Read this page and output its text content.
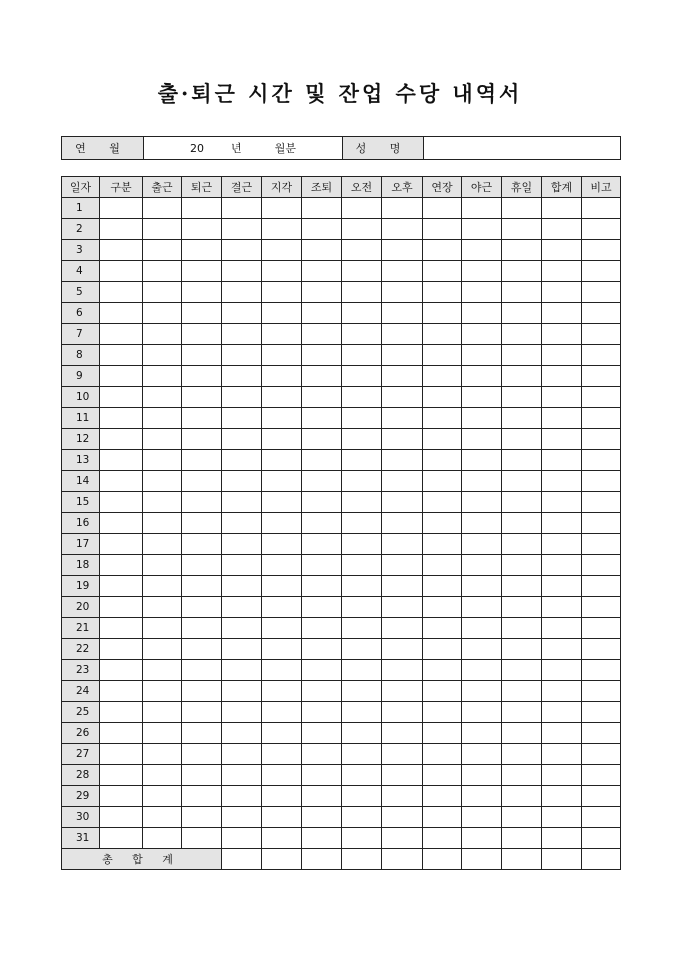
출·퇴근 시간 및 잔업 수당 내역서
연 월	20 년	월분	성 명	
일자	구분	출근	퇴근	결근	지각	조퇴	오전	오후	연장	야근	휴일	합계	비고
1													
2													
3													
4													
5													
6													
7													
8													
9													
10													
11													
12													
13													
14													
15													
16													
17													
18													
19													
20													
21													
22													
23													
24													
25													
26													
27													
28													
29													
30													
31													
총 합 계													
